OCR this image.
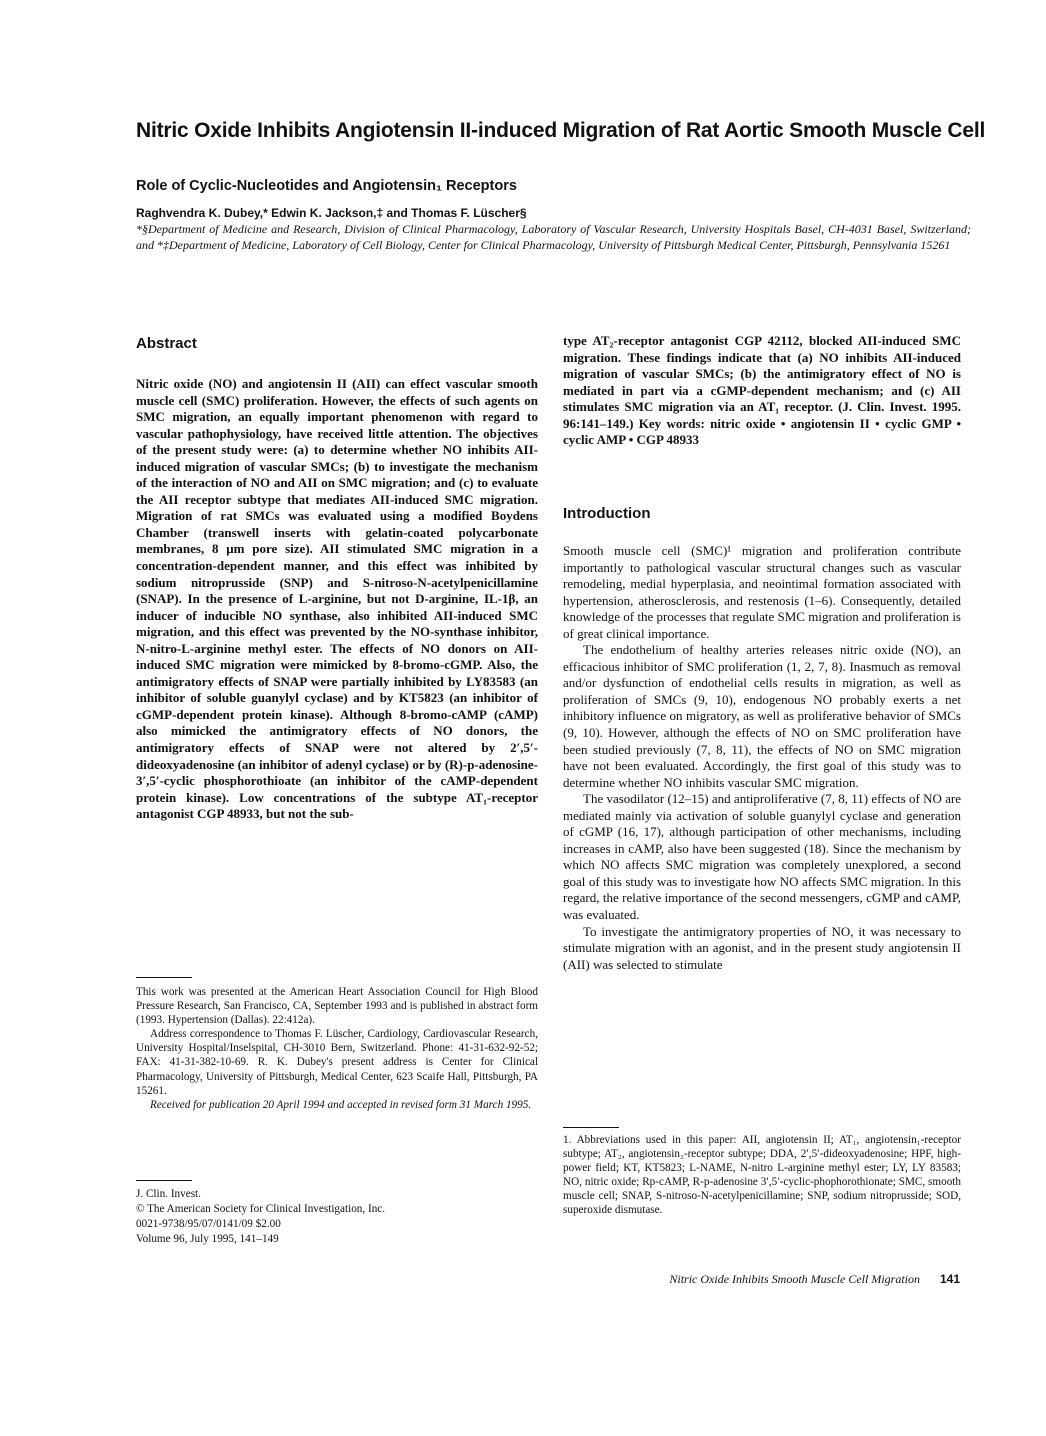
Nitric Oxide Inhibits Angiotensin II-induced Migration of Rat Aortic Smooth Muscle Cell
Role of Cyclic-Nucleotides and Angiotensin₁ Receptors
Raghvendra K. Dubey,* Edwin K. Jackson,‡ and Thomas F. Lüscher§
*§Department of Medicine and Research, Division of Clinical Pharmacology, Laboratory of Vascular Research, University Hospitals Basel, CH-4031 Basel, Switzerland; and *‡Department of Medicine, Laboratory of Cell Biology, Center for Clinical Pharmacology, University of Pittsburgh Medical Center, Pittsburgh, Pennsylvania 15261
Abstract
Nitric oxide (NO) and angiotensin II (AII) can effect vascular smooth muscle cell (SMC) proliferation. However, the effects of such agents on SMC migration, an equally important phenomenon with regard to vascular pathophysiology, have received little attention. The objectives of the present study were: (a) to determine whether NO inhibits AII-induced migration of vascular SMCs; (b) to investigate the mechanism of the interaction of NO and AII on SMC migration; and (c) to evaluate the AII receptor subtype that mediates AII-induced SMC migration. Migration of rat SMCs was evaluated using a modified Boydens Chamber (transwell inserts with gelatin-coated polycarbonate membranes, 8 μm pore size). AII stimulated SMC migration in a concentration-dependent manner, and this effect was inhibited by sodium nitroprusside (SNP) and S-nitroso-N-acetylpenicillamine (SNAP). In the presence of L-arginine, but not D-arginine, IL-1β, an inducer of inducible NO synthase, also inhibited AII-induced SMC migration, and this effect was prevented by the NO-synthase inhibitor, N-nitro-L-arginine methyl ester. The effects of NO donors on AII-induced SMC migration were mimicked by 8-bromo-cGMP. Also, the antimigratory effects of SNAP were partially inhibited by LY83583 (an inhibitor of soluble guanylyl cyclase) and by KT5823 (an inhibitor of cGMP-dependent protein kinase). Although 8-bromo-cAMP (cAMP) also mimicked the antimigratory effects of NO donors, the antimigratory effects of SNAP were not altered by 2′,5′-dideoxyadenosine (an inhibitor of adenyl cyclase) or by (R)-p-adenosine-3′,5′-cyclic phosphorothioate (an inhibitor of the cAMP-dependent protein kinase). Low concentrations of the subtype AT₁-receptor antagonist CGP 48933, but not the sub-
type AT₂-receptor antagonist CGP 42112, blocked AII-induced SMC migration. These findings indicate that (a) NO inhibits AII-induced migration of vascular SMCs; (b) the antimigratory effect of NO is mediated in part via a cGMP-dependent mechanism; and (c) AII stimulates SMC migration via an AT₁ receptor. (J. Clin. Invest. 1995. 96:141–149.) Key words: nitric oxide • angiotensin II • cyclic GMP • cyclic AMP • CGP 48933
Introduction

Smooth muscle cell (SMC)¹ migration and proliferation contribute importantly to pathological vascular structural changes such as vascular remodeling, medial hyperplasia, and neointimal formation associated with hypertension, atherosclerosis, and restenosis (1–6). Consequently, detailed knowledge of the processes that regulate SMC migration and proliferation is of great clinical importance.

The endothelium of healthy arteries releases nitric oxide (NO), an efficacious inhibitor of SMC proliferation (1, 2, 7, 8). Inasmuch as removal and/or dysfunction of endothelial cells results in migration, as well as proliferation of SMCs (9, 10), endogenous NO probably exerts a net inhibitory influence on migratory, as well as proliferative behavior of SMCs (9, 10). However, although the effects of NO on SMC proliferation have been studied previously (7, 8, 11), the effects of NO on SMC migration have not been evaluated. Accordingly, the first goal of this study was to determine whether NO inhibits vascular SMC migration.

The vasodilator (12–15) and antiproliferative (7, 8, 11) effects of NO are mediated mainly via activation of soluble guanylyl cyclase and generation of cGMP (16, 17), although participation of other mechanisms, including increases in cAMP, also have been suggested (18). Since the mechanism by which NO affects SMC migration was completely unexplored, a second goal of this study was to investigate how NO affects SMC migration. In this regard, the relative importance of the second messengers, cGMP and cAMP, was evaluated.

To investigate the antimigratory properties of NO, it was necessary to stimulate migration with an agonist, and in the present study angiotensin II (AII) was selected to stimulate

This work was presented at the American Heart Association Council for High Blood Pressure Research, San Francisco, CA, September 1993 and is published in abstract form (1993. Hypertension (Dallas). 22:412a).

Address correspondence to Thomas F. Lüscher, Cardiology, Cardiovascular Research, University Hospital/Inselspital, CH-3010 Bern, Switzerland. Phone: 41-31-632-92-52; FAX: 41-31-382-10-69. R. K. Dubey's present address is Center for Clinical Pharmacology, University of Pittsburgh, Medical Center, 623 Scaife Hall, Pittsburgh, PA 15261.

Received for publication 20 April 1994 and accepted in revised form 31 March 1995.

J. Clin. Invest.
© The American Society for Clinical Investigation, Inc.
0021-9738/95/07/0141/09 $2.00
Volume 96, July 1995, 141–149
1. Abbreviations used in this paper: AII, angiotensin II; AT₁, angiotensin₁-receptor subtype; AT₂, angiotensin₂-receptor subtype; DDA, 2′,5′-dideoxyadenosine; HPF, high-power field; KT, KT5823; L-NAME, N-nitro L-arginine methyl ester; LY, LY 83583; NO, nitric oxide; Rp-cAMP, R-p-adenosine 3′,5′-cyclic-phophorothionate; SMC, smooth muscle cell; SNAP, S-nitroso-N-acetylpenicillamine; SNP, sodium nitroprusside; SOD, superoxide dismutase.
Nitric Oxide Inhibits Smooth Muscle Cell Migration 141
